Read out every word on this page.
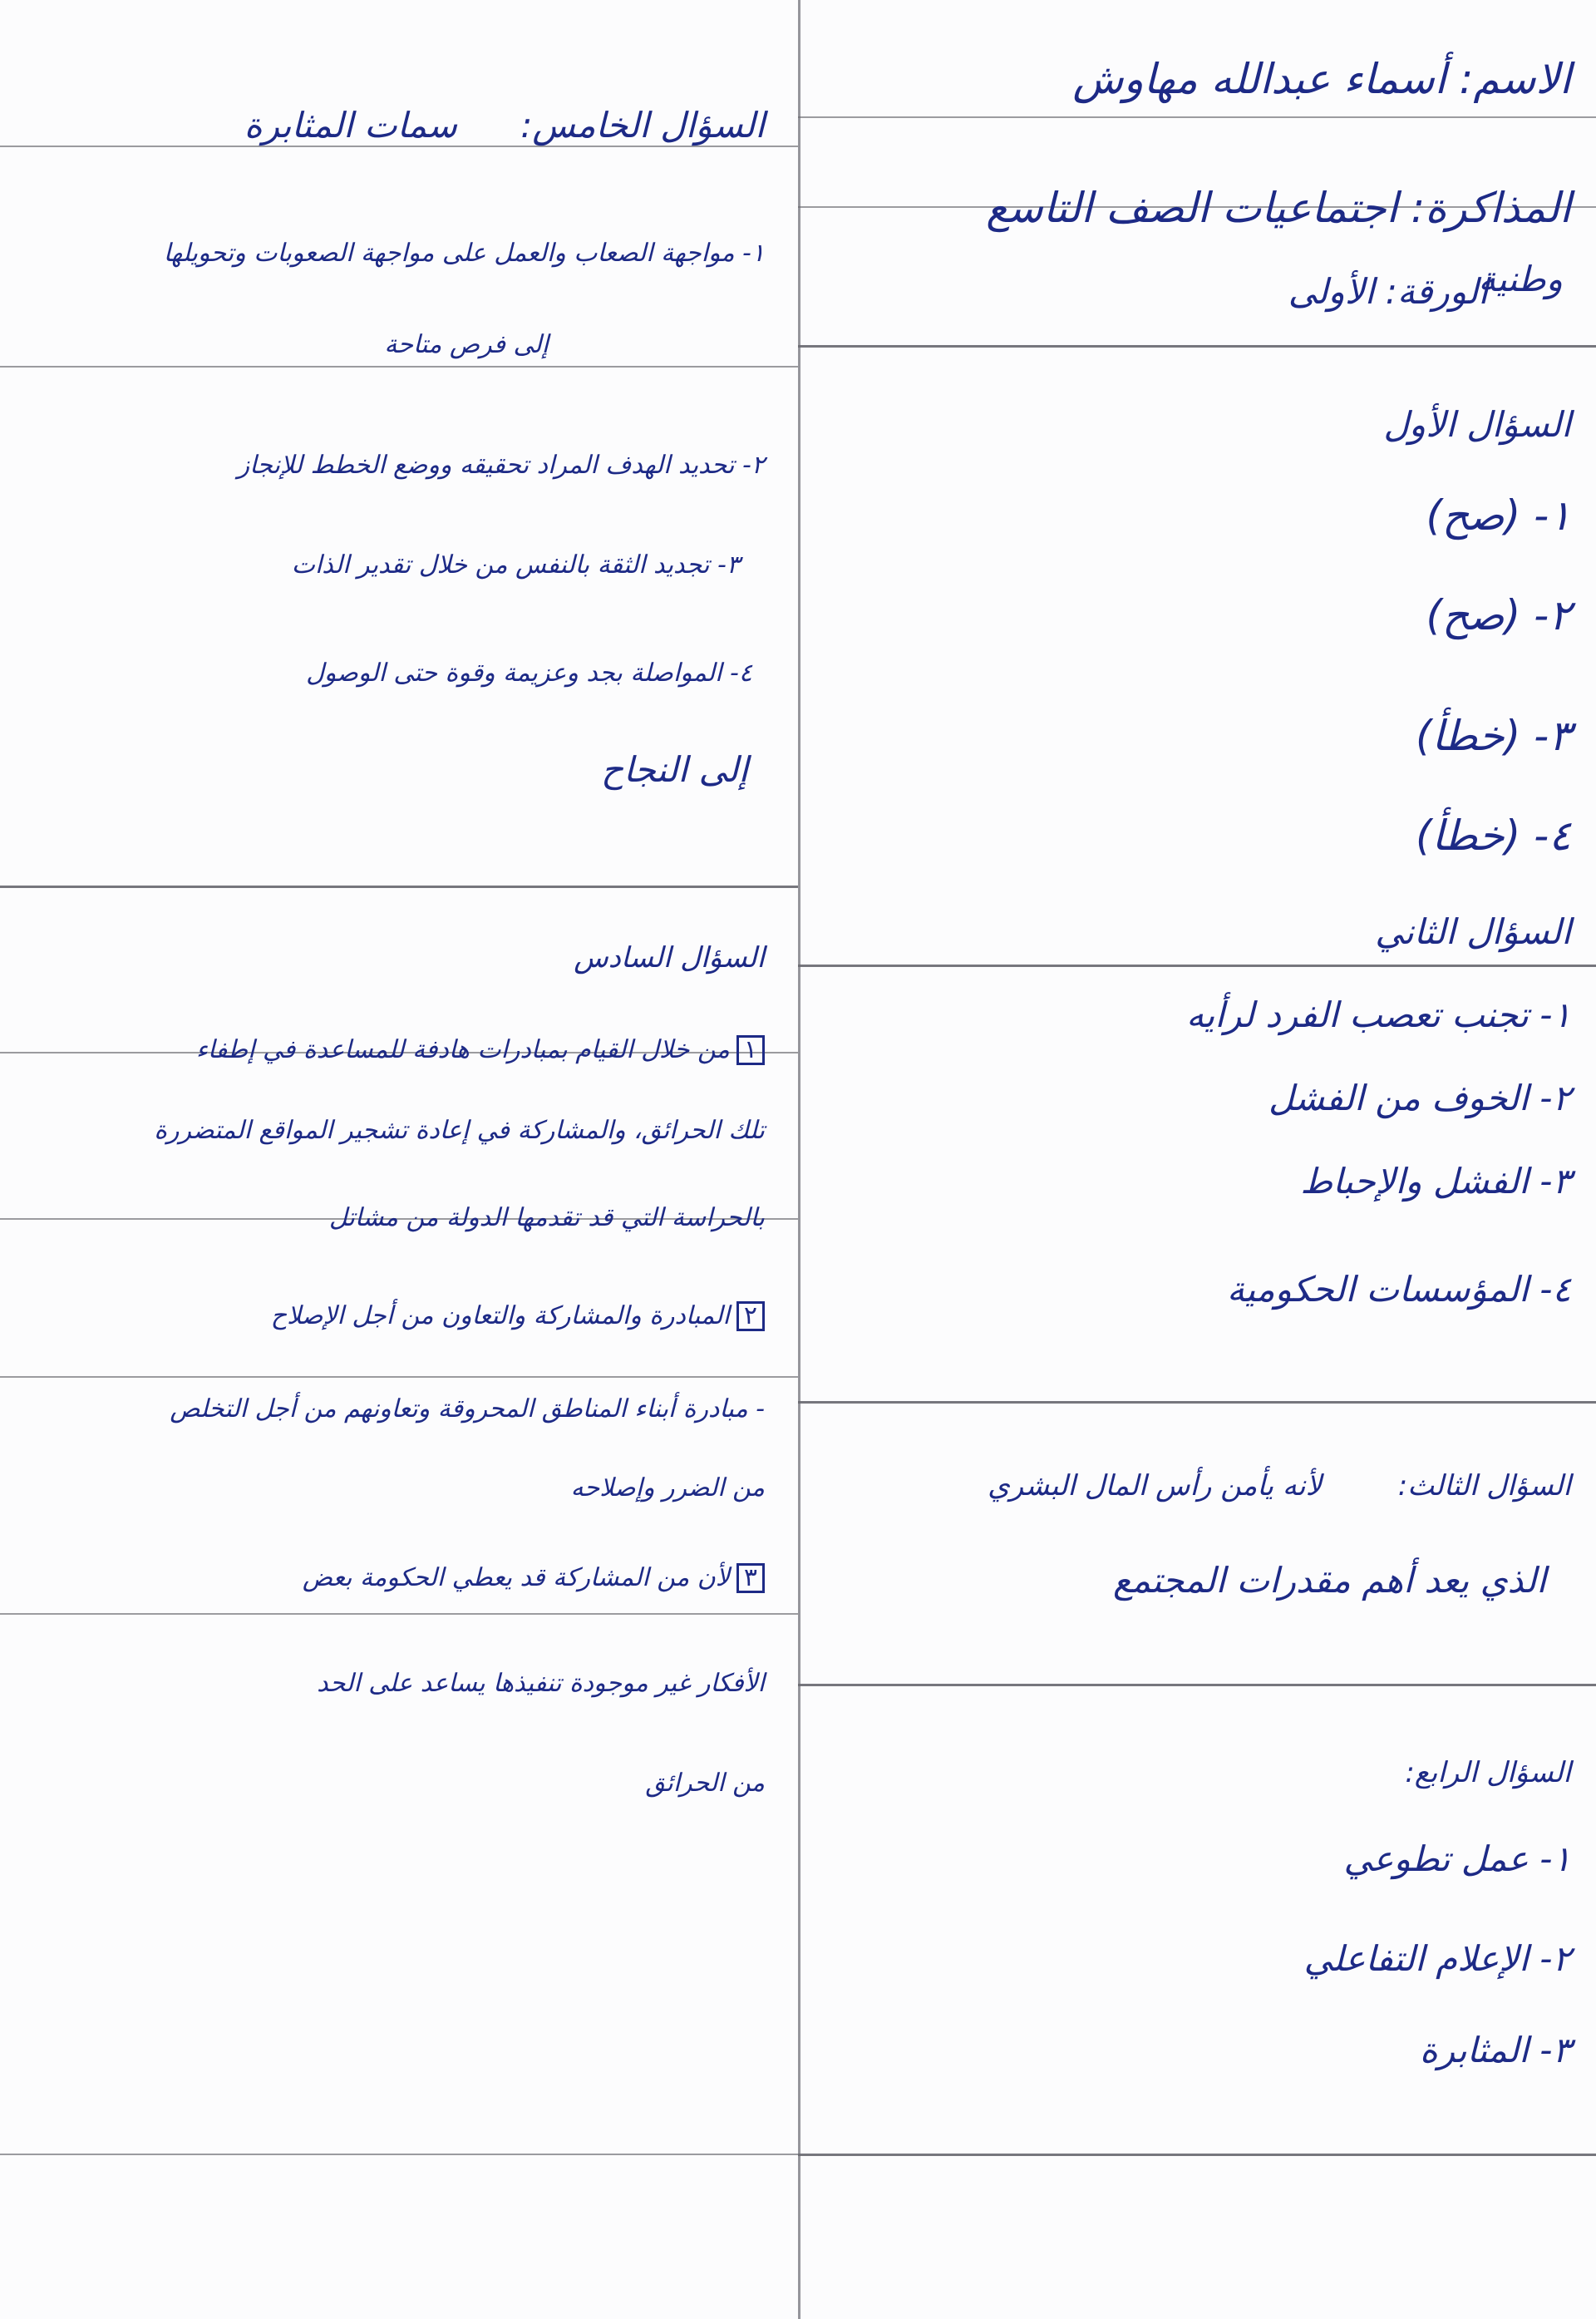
الاسم: أسماء عبدالله مهاوش
المذاكرة: اجتماعيات الصف التاسع
الورقة: الأولى
وطنية
السؤال الأول
١- (صح)
٢- (صح)
٣- (خطأ)
٤- (خطأ)
السؤال الثاني
١- تجنب تعصب الفرد لرأيه
٢- الخوف من الفشل
٣- الفشل والإحباط
٤- المؤسسات الحكومية
السؤال الثالث:
لأنه يأمن رأس المال البشري
الذي يعد أهم مقدرات المجتمع
السؤال الرابع:
١- عمل تطوعي
٢- الإعلام التفاعلي
٣- المثابرة
السؤال الخامس:
سمات المثابرة
١- مواجهة الصعاب والعمل على مواجهة الصعوبات وتحويلها
إلى فرص متاحة
٢- تحديد الهدف المراد تحقيقه ووضع الخطط للإنجاز
٣- تجديد الثقة بالنفس من خلال تقدير الذات
٤- المواصلة بجد وعزيمة وقوة حتى الوصول
إلى النجاح
السؤال السادس
١من خلال القيام بمبادرات هادفة للمساعدة في إطفاء
تلك الحرائق، والمشاركة في إعادة تشجير المواقع المتضررة
بالحراسة التي قد تقدمها الدولة من مشاتل
٢المبادرة والمشاركة والتعاون من أجل الإصلاح
- مبادرة أبناء المناطق المحروقة وتعاونهم من أجل التخلص
من الضرر وإصلاحه
٣لأن من المشاركة قد يعطي الحكومة بعض
الأفكار غير موجودة تنفيذها يساعد على الحد
من الحرائق
